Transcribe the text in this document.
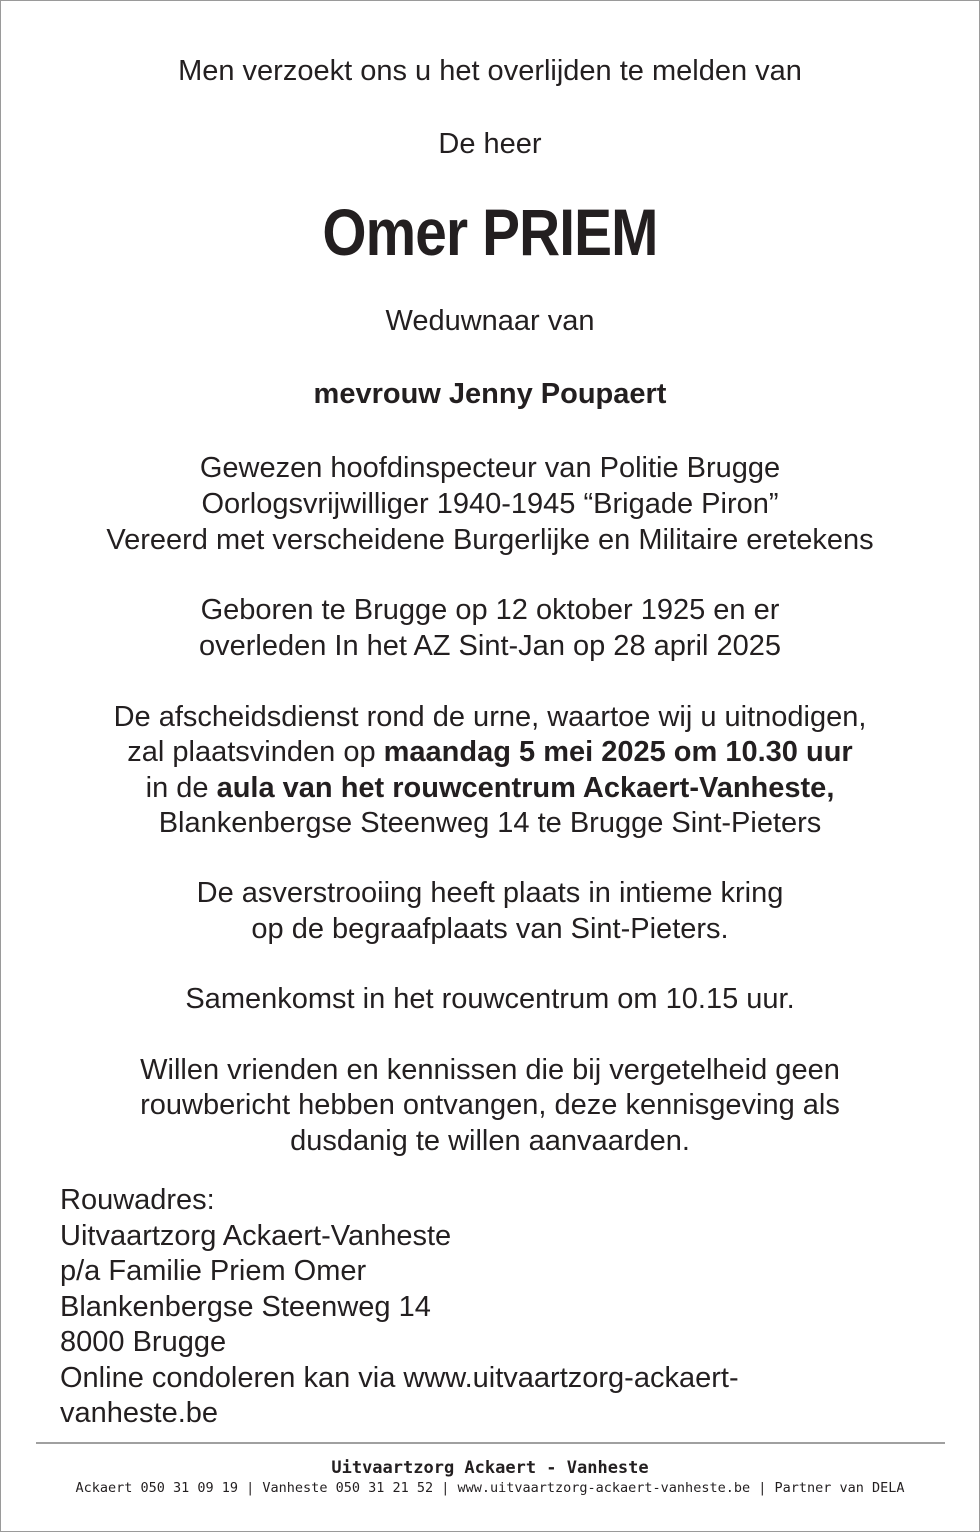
Men verzoekt ons u het overlijden te melden van

De heer

Omer PRIEM

Weduwnaar van

mevrouw Jenny Poupaert

Gewezen hoofdinspecteur van Politie Brugge

Oorlogsvrijwilliger 1940-1945 “Brigade Piron”

Vereerd met verscheidene Burgerlijke en Militaire eretekens

Geboren te Brugge op 12 oktober 1925 en er

overleden In het AZ Sint-Jan op 28 april 2025

De afscheidsdienst rond de urne, waartoe wij u uitnodigen,

zal plaatsvinden op maandag 5 mei 2025 om 10.30 uur

in de aula van het rouwcentrum Ackaert-Vanheste,

Blankenbergse Steenweg 14 te Brugge Sint-Pieters

De asverstrooiing heeft plaats in intieme kring

op de begraafplaats van Sint-Pieters.

Samenkomst in het rouwcentrum om 10.15 uur.

Willen vrienden en kennissen die bij vergetelheid geen

rouwbericht hebben ontvangen, deze kennisgeving als

dusdanig te willen aanvaarden.

Rouwadres:
Uitvaartzorg Ackaert-Vanheste
p/a Familie Priem Omer
Blankenbergse Steenweg 14
8000 Brugge
Online condoleren kan via www.uitvaartzorg-ackaert-
vanheste.be
Uitvaartzorg Ackaert - Vanheste
Ackaert 050 31 09 19 | Vanheste 050 31 21 52 | www.uitvaartzorg-ackaert-vanheste.be | Partner van DELA
